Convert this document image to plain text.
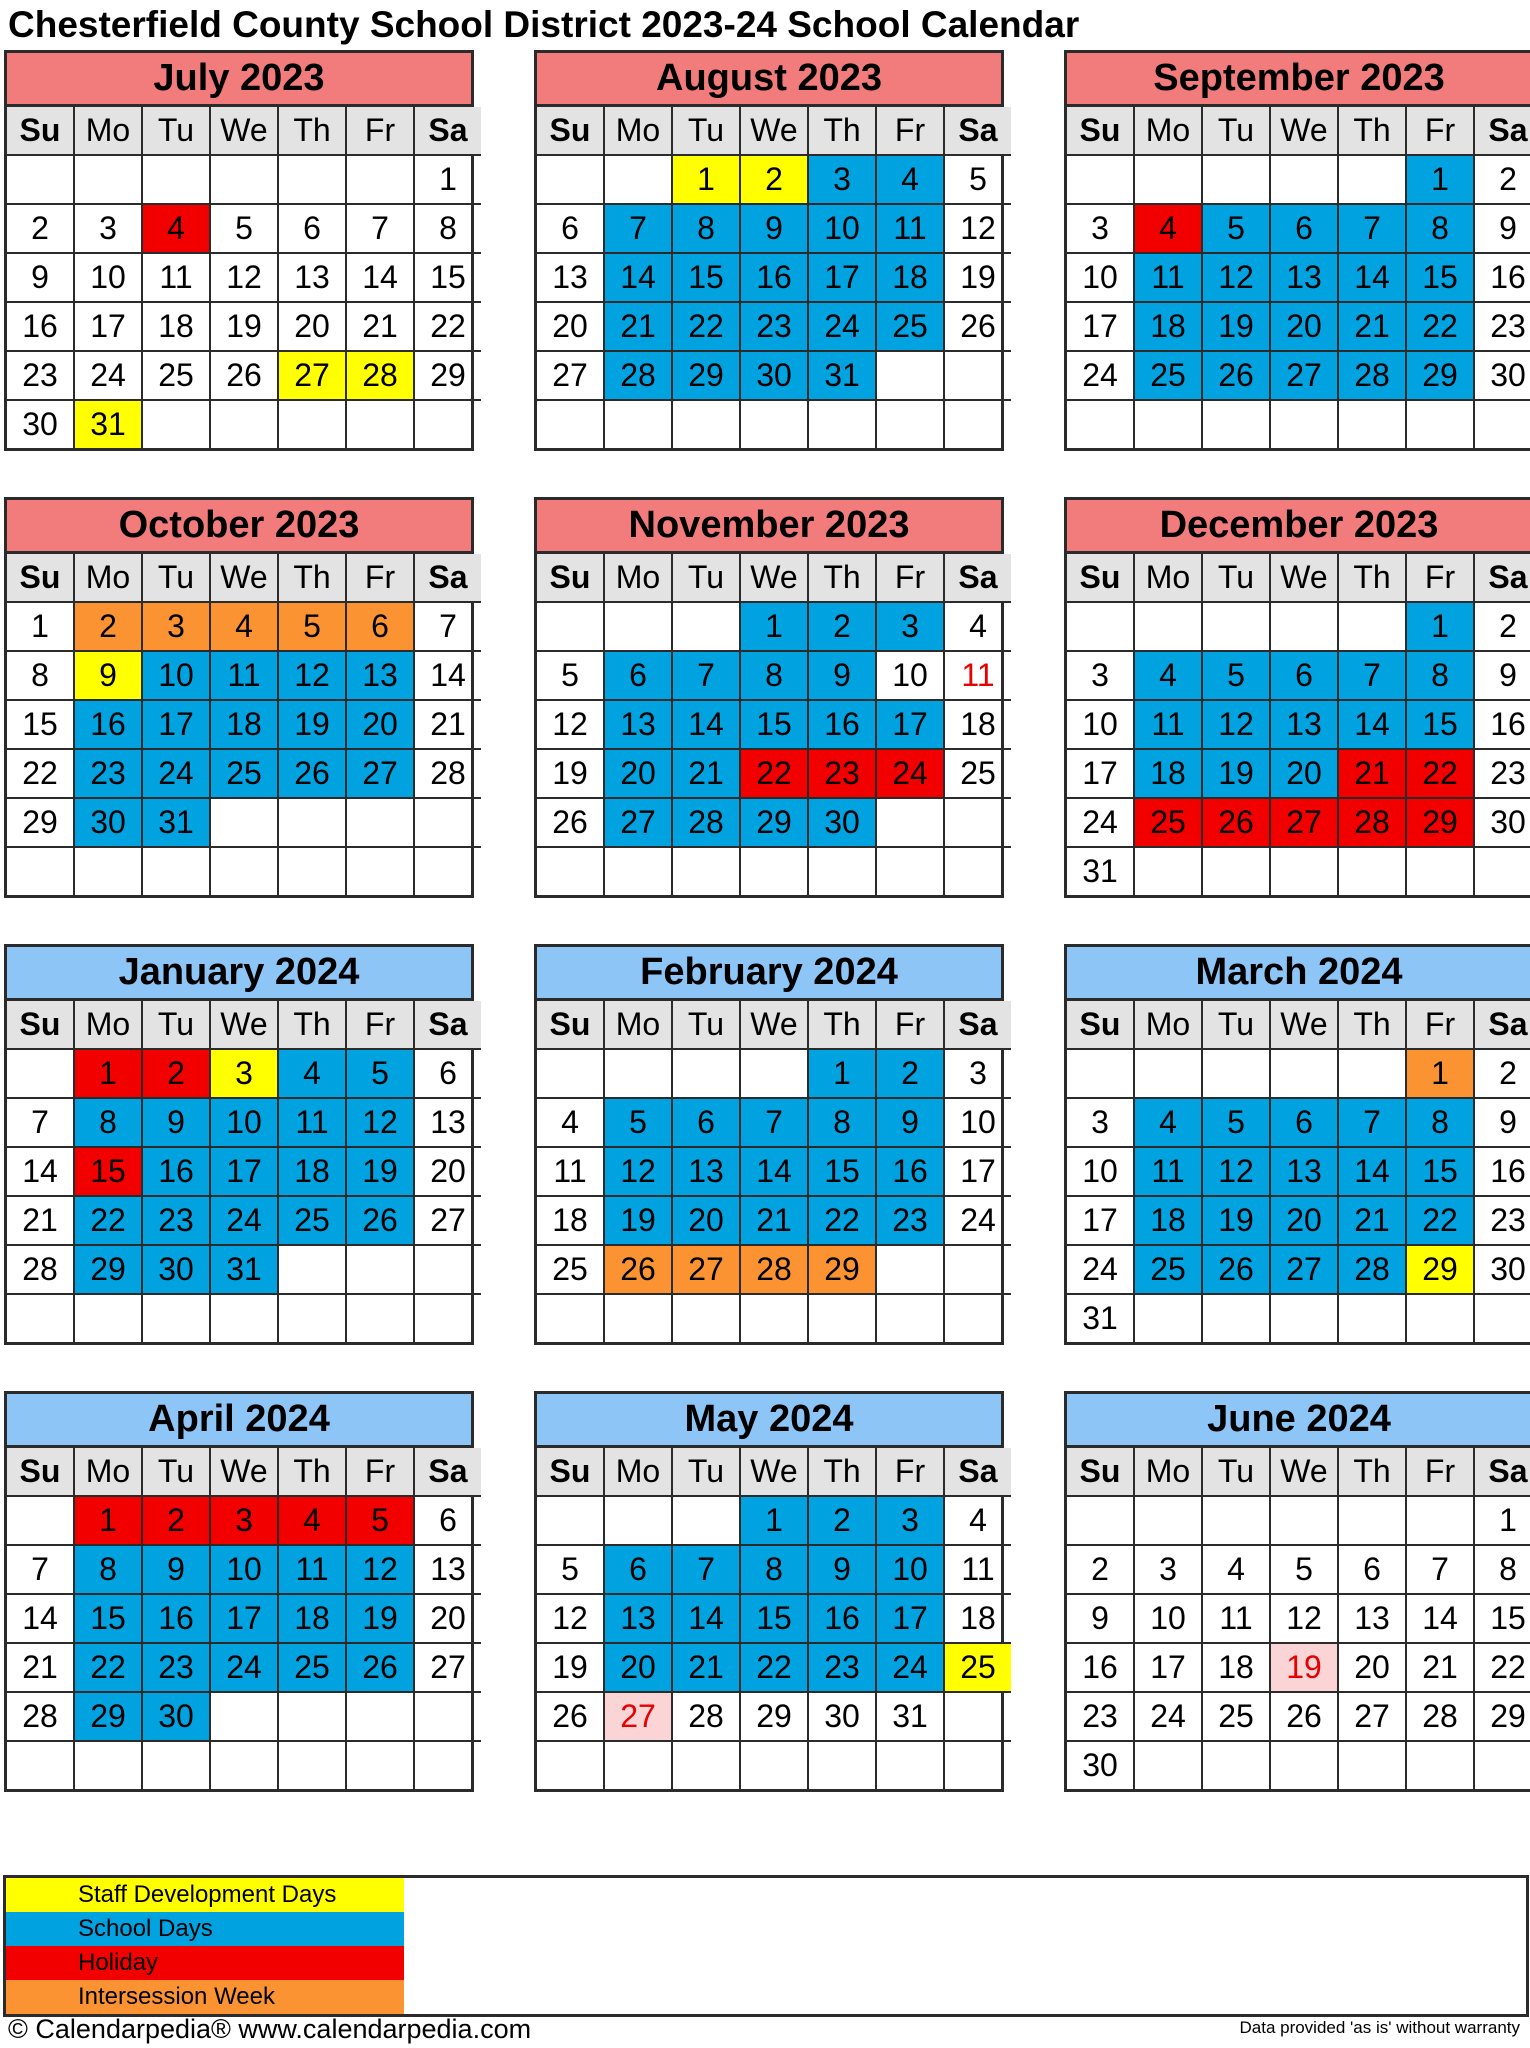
Chesterfield County School District 2023-24 School Calendar
July 2023
Su	Mo	Tu	We	Th	Fr	Sa
						1
2	3	4	5	6	7	8
9	10	11	12	13	14	15
16	17	18	19	20	21	22
23	24	25	26	27	28	29
30	31					
August 2023
Su	Mo	Tu	We	Th	Fr	Sa
		1	2	3	4	5
6	7	8	9	10	11	12
13	14	15	16	17	18	19
20	21	22	23	24	25	26
27	28	29	30	31		

September 2023
Su	Mo	Tu	We	Th	Fr	Sa
					1	2
3	4	5	6	7	8	9
10	11	12	13	14	15	16
17	18	19	20	21	22	23
24	25	26	27	28	29	30

October 2023
Su	Mo	Tu	We	Th	Fr	Sa
1	2	3	4	5	6	7
8	9	10	11	12	13	14
15	16	17	18	19	20	21
22	23	24	25	26	27	28
29	30	31				

November 2023
Su	Mo	Tu	We	Th	Fr	Sa
			1	2	3	4
5	6	7	8	9	10	11
12	13	14	15	16	17	18
19	20	21	22	23	24	25
26	27	28	29	30		

December 2023
Su	Mo	Tu	We	Th	Fr	Sa
					1	2
3	4	5	6	7	8	9
10	11	12	13	14	15	16
17	18	19	20	21	22	23
24	25	26	27	28	29	30
31						
January 2024
Su	Mo	Tu	We	Th	Fr	Sa
	1	2	3	4	5	6
7	8	9	10	11	12	13
14	15	16	17	18	19	20
21	22	23	24	25	26	27
28	29	30	31			

February 2024
Su	Mo	Tu	We	Th	Fr	Sa
				1	2	3
4	5	6	7	8	9	10
11	12	13	14	15	16	17
18	19	20	21	22	23	24
25	26	27	28	29		

March 2024
Su	Mo	Tu	We	Th	Fr	Sa
					1	2
3	4	5	6	7	8	9
10	11	12	13	14	15	16
17	18	19	20	21	22	23
24	25	26	27	28	29	30
31						
April 2024
Su	Mo	Tu	We	Th	Fr	Sa
	1	2	3	4	5	6
7	8	9	10	11	12	13
14	15	16	17	18	19	20
21	22	23	24	25	26	27
28	29	30				

May 2024
Su	Mo	Tu	We	Th	Fr	Sa
			1	2	3	4
5	6	7	8	9	10	11
12	13	14	15	16	17	18
19	20	21	22	23	24	25
26	27	28	29	30	31	

June 2024
Su	Mo	Tu	We	Th	Fr	Sa
						1
2	3	4	5	6	7	8
9	10	11	12	13	14	15
16	17	18	19	20	21	22
23	24	25	26	27	28	29
30						
Staff Development Days
School Days
Holiday
Intersession Week
© Calendarpedia® www.calendarpedia.com	Data provided 'as is' without warranty
